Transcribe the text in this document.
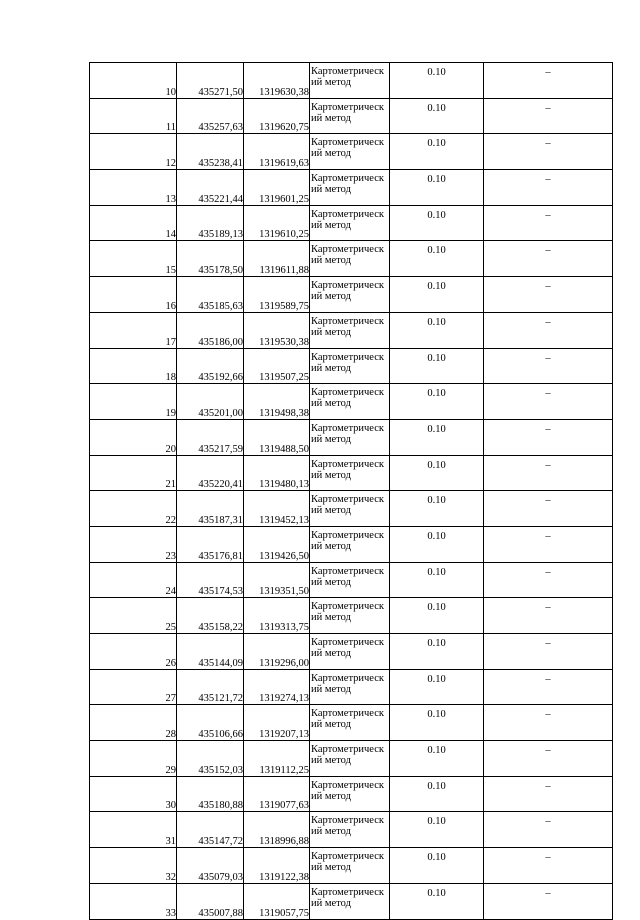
10	435271,50	1319630,38	Картометрический метод	0.10	–
11	435257,63	1319620,75	Картометрический метод	0.10	–
12	435238,41	1319619,63	Картометрический метод	0.10	–
13	435221,44	1319601,25	Картометрический метод	0.10	–
14	435189,13	1319610,25	Картометрический метод	0.10	–
15	435178,50	1319611,88	Картометрический метод	0.10	–
16	435185,63	1319589,75	Картометрический метод	0.10	–
17	435186,00	1319530,38	Картометрический метод	0.10	–
18	435192,66	1319507,25	Картометрический метод	0.10	–
19	435201,00	1319498,38	Картометрический метод	0.10	–
20	435217,59	1319488,50	Картометрический метод	0.10	–
21	435220,41	1319480,13	Картометрический метод	0.10	–
22	435187,31	1319452,13	Картометрический метод	0.10	–
23	435176,81	1319426,50	Картометрический метод	0.10	–
24	435174,53	1319351,50	Картометрический метод	0.10	–
25	435158,22	1319313,75	Картометрический метод	0.10	–
26	435144,09	1319296,00	Картометрический метод	0.10	–
27	435121,72	1319274,13	Картометрический метод	0.10	–
28	435106,66	1319207,13	Картометрический метод	0.10	–
29	435152,03	1319112,25	Картометрический метод	0.10	–
30	435180,88	1319077,63	Картометрический метод	0.10	–
31	435147,72	1318996,88	Картометрический метод	0.10	–
32	435079,03	1319122,38	Картометрический метод	0.10	–
33	435007,88	1319057,75	Картометрический метод	0.10	–
